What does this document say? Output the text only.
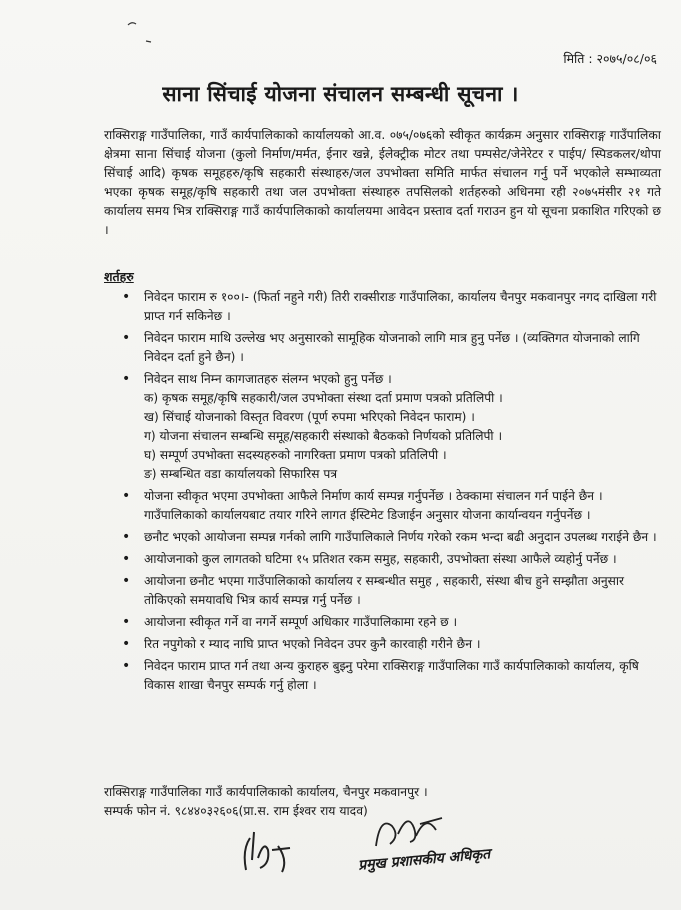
मिति : २०७५/०८/०६
साना सिंचाई योजना संचालन सम्बन्धी सूचना ।
राक्सिराङ्ग गाउँपालिका, गाउँ कार्यपालिकाको कार्यालयको आ.व. ०७५/०७६को स्वीकृत कार्यक्रम अनुसार राक्सिराङ्ग गाउँपालिका क्षेत्रमा साना सिंचाई योजना (कुलो निर्माण/मर्मत, ईनार खन्ने, ईलेक्ट्रीक मोटर तथा पम्पसेट/जेनेरेटर र पाईप/ स्पिडकलर/थोपा सिंचाई आदि) कृषक समूहहरु/कृषि सहकारी संस्थाहरु/जल उपभोक्ता समिति मार्फत संचालन गर्नु पर्ने भएकोले सम्भाव्यता भएका कृषक समूह/कृषि सहकारी तथा जल उपभोक्ता संस्थाहरु तपसिलको शर्तहरुको अधिनमा रही २०७५मंसीर २१ गते कार्यालय समय भित्र राक्सिराङ्ग गाउँ कार्यपालिकाको कार्यालयमा आवेदन प्रस्ताव दर्ता गराउन हुन यो सूचना प्रकाशित गरिएको छ ।
शर्तहरु
• निवेदन फाराम रु १००।- (फिर्ता नहुने गरी) तिरी राक्सीराङ गाउँपालिका, कार्यालय चैनपुर मकवानपुर नगद दाखिला गरी प्राप्त गर्न सकिनेछ ।
• निवेदन फाराम माथि उल्लेख भए अनुसारको सामूहिक योजनाको लागि मात्र हुनु पर्नेछ । (व्यक्तिगत योजनाको लागि निवेदन दर्ता हुने छैन) ।
• निवेदन साथ निम्न कागजातहरु संलग्न भएको हुनु पर्नेछ ।
क) कृषक समूह/कृषि सहकारी/जल उपभोक्ता संस्था दर्ता प्रमाण पत्रको प्रतिलिपी ।
ख) सिंचाई योजनाको विस्तृत विवरण (पूर्ण रुपमा भरिएको निवेदन फाराम) ।
ग) योजना संचालन सम्बन्धि समूह/सहकारी संस्थाको बैठकको निर्णयको प्रतिलिपी ।
घ) सम्पूर्ण उपभोक्ता सदस्यहरुको नागरिक्ता प्रमाण पत्रको प्रतिलिपी ।
ङ) सम्बन्धित वडा कार्यालयको सिफारिस पत्र
• योजना स्वीकृत भएमा उपभोक्ता आफैले निर्माण कार्य सम्पन्न गर्नुपर्नेछ । ठेक्कामा संचालन गर्न पाईने छैन । गाउँपालिकाको कार्यालयबाट तयार गरिने लागत ईस्टिमेट डिजाईन अनुसार योजना कार्यान्वयन गर्नुपर्नेछ ।
• छनौट भएको आयोजना सम्पन्न गर्नको लागि गाउँपालिकाले निर्णय गरेको रकम भन्दा बढी अनुदान उपलब्ध गराईने छैन ।
• आयोजनाको कुल लागतको घटिमा १५ प्रतिशत रकम समुह, सहकारी, उपभोक्ता संस्था आफैले व्यहोर्नु पर्नेछ ।
• आयोजना छनौट भएमा गाउँपालिकाको कार्यालय र सम्बन्धीत समुह , सहकारी, संस्था बीच हुने सम्झौता अनुसार तोकिएको समयावधि भित्र कार्य सम्पन्न गर्नु पर्नेछ ।
• आयोजना स्वीकृत गर्ने वा नगर्ने सम्पूर्ण अधिकार गाउँपालिकामा रहने छ ।
• रित नपुगेको र म्याद नाघि प्राप्त भएको निवेदन उपर कुनै कारवाही गरीने छैन ।
• निवेदन फाराम प्राप्त गर्न तथा अन्य कुराहरु बुझ्नु परेमा राक्सिराङ्ग गाउँपालिका गाउँ कार्यपालिकाको कार्यालय, कृषि विकास शाखा चैनपुर सम्पर्क गर्नु होला ।
राक्सिराङ्ग गाउँपालिका गाउँ कार्यपालिकाको कार्यालय, चैनपुर मकवानपुर ।
सम्पर्क फोन नं. ९८४४०३२६०६(प्रा.स. राम ईश्वर राय यादव)
प्रमुख प्रशासकीय अधिकृत
